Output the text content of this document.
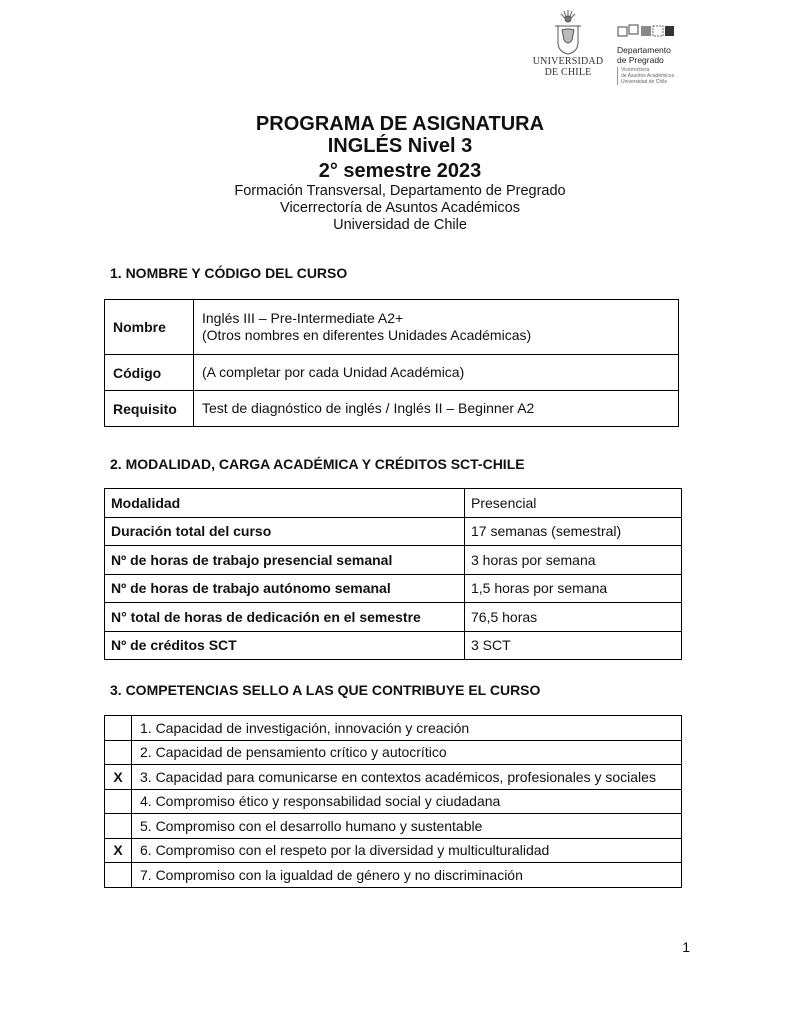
UNIVERSIDAD
DE CHILE
Departamento
de Pregrado
Vicerrectoría
de Asuntos Académicos
Universidad de Chile
PROGRAMA DE ASIGNATURA
INGLÉS Nivel 3
2° semestre 2023
Formación Transversal, Departamento de Pregrado
Vicerrectoría de Asuntos Académicos
Universidad de Chile
1. NOMBRE Y CÓDIGO DEL CURSO
Nombre	Inglés III – Pre-Intermediate A2+
(Otros nombres en diferentes Unidades Académicas)

Código	(A completar por cada Unidad Académica)
Requisito	Test de diagnóstico de inglés / Inglés II – Beginner A2
2. MODALIDAD, CARGA ACADÉMICA Y CRÉDITOS SCT-CHILE
Modalidad	Presencial
Duración total del curso	17 semanas (semestral)
Nº de horas de trabajo presencial semanal	3 horas por semana
Nº de horas de trabajo autónomo semanal	1,5 horas por semana
N° total de horas de dedicación en el semestre	76,5 horas
Nº de créditos SCT	3 SCT
3. COMPETENCIAS SELLO A LAS QUE CONTRIBUYE EL CURSO
	1. Capacidad de investigación, innovación y creación
	2. Capacidad de pensamiento crítico y autocrítico
X	3. Capacidad para comunicarse en contextos académicos, profesionales y sociales
	4. Compromiso ético y responsabilidad social y ciudadana
	5. Compromiso con el desarrollo humano y sustentable
X	6. Compromiso con el respeto por la diversidad y multiculturalidad
	7. Compromiso con la igualdad de género y no discriminación
1
